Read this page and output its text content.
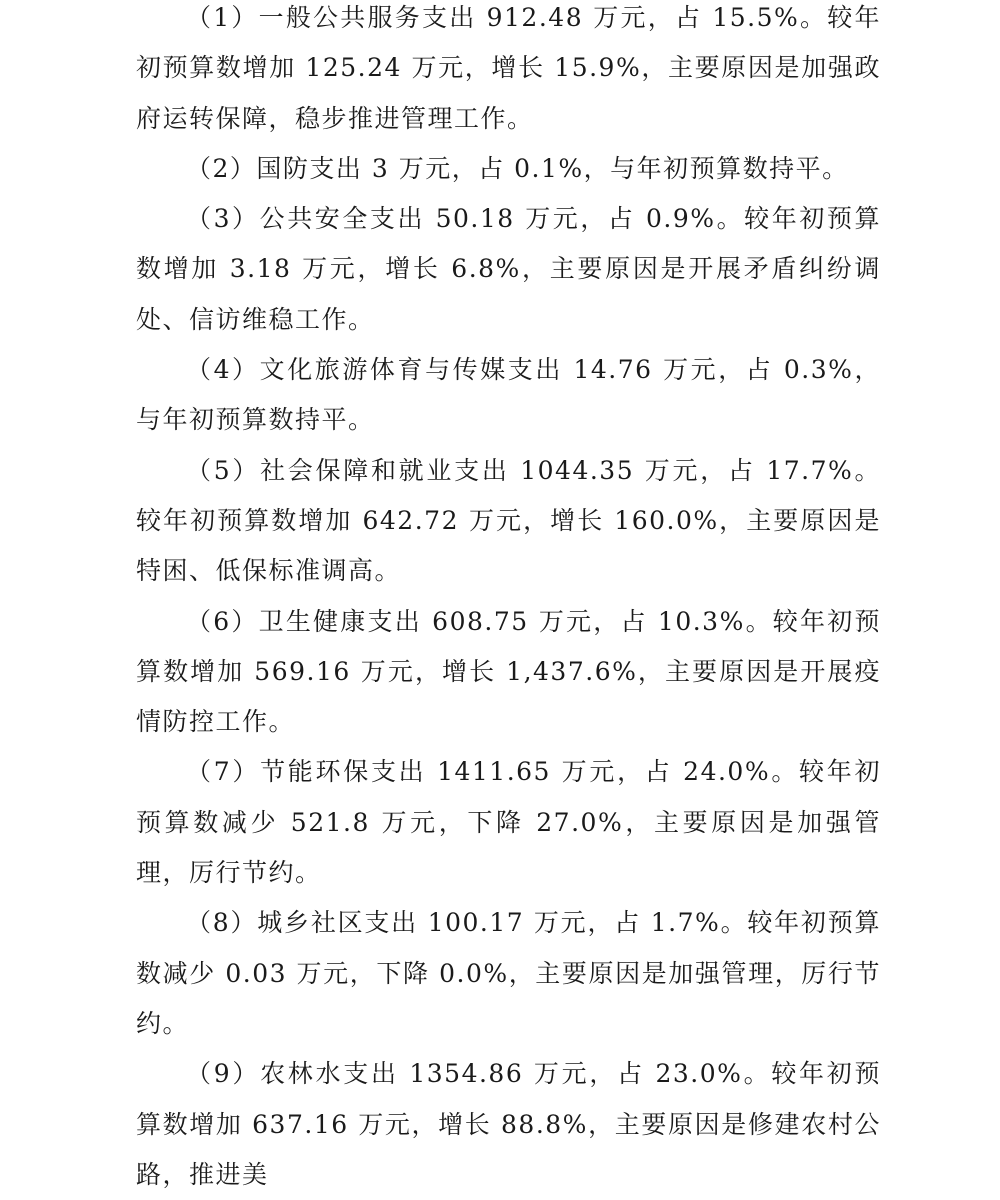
（1）一般公共服务支出 912.48 万元，占 15.5%。较年初预算数增加 125.24 万元，增长 15.9%，主要原因是加强政府运转保障，稳步推进管理工作。

（2）国防支出 3 万元，占 0.1%，与年初预算数持平。

（3）公共安全支出 50.18 万元，占 0.9%。较年初预算数增加 3.18 万元，增长 6.8%，主要原因是开展矛盾纠纷调处、信访维稳工作。

（4）文化旅游体育与传媒支出 14.76 万元，占 0.3%，与年初预算数持平。

（5）社会保障和就业支出 1044.35 万元，占 17.7%。较年初预算数增加 642.72 万元，增长 160.0%，主要原因是特困、低保标准调高。

（6）卫生健康支出 608.75 万元，占 10.3%。较年初预算数增加 569.16 万元，增长 1,437.6%，主要原因是开展疫情防控工作。

（7）节能环保支出 1411.65 万元，占 24.0%。较年初预算数减少 521.8 万元，下降 27.0%，主要原因是加强管理，厉行节约。

（8）城乡社区支出 100.17 万元，占 1.7%。较年初预算数减少 0.03 万元，下降 0.0%，主要原因是加强管理，厉行节约。

（9）农林水支出 1354.86 万元，占 23.0%。较年初预算数增加 637.16 万元，增长 88.8%，主要原因是修建农村公路，推进美
